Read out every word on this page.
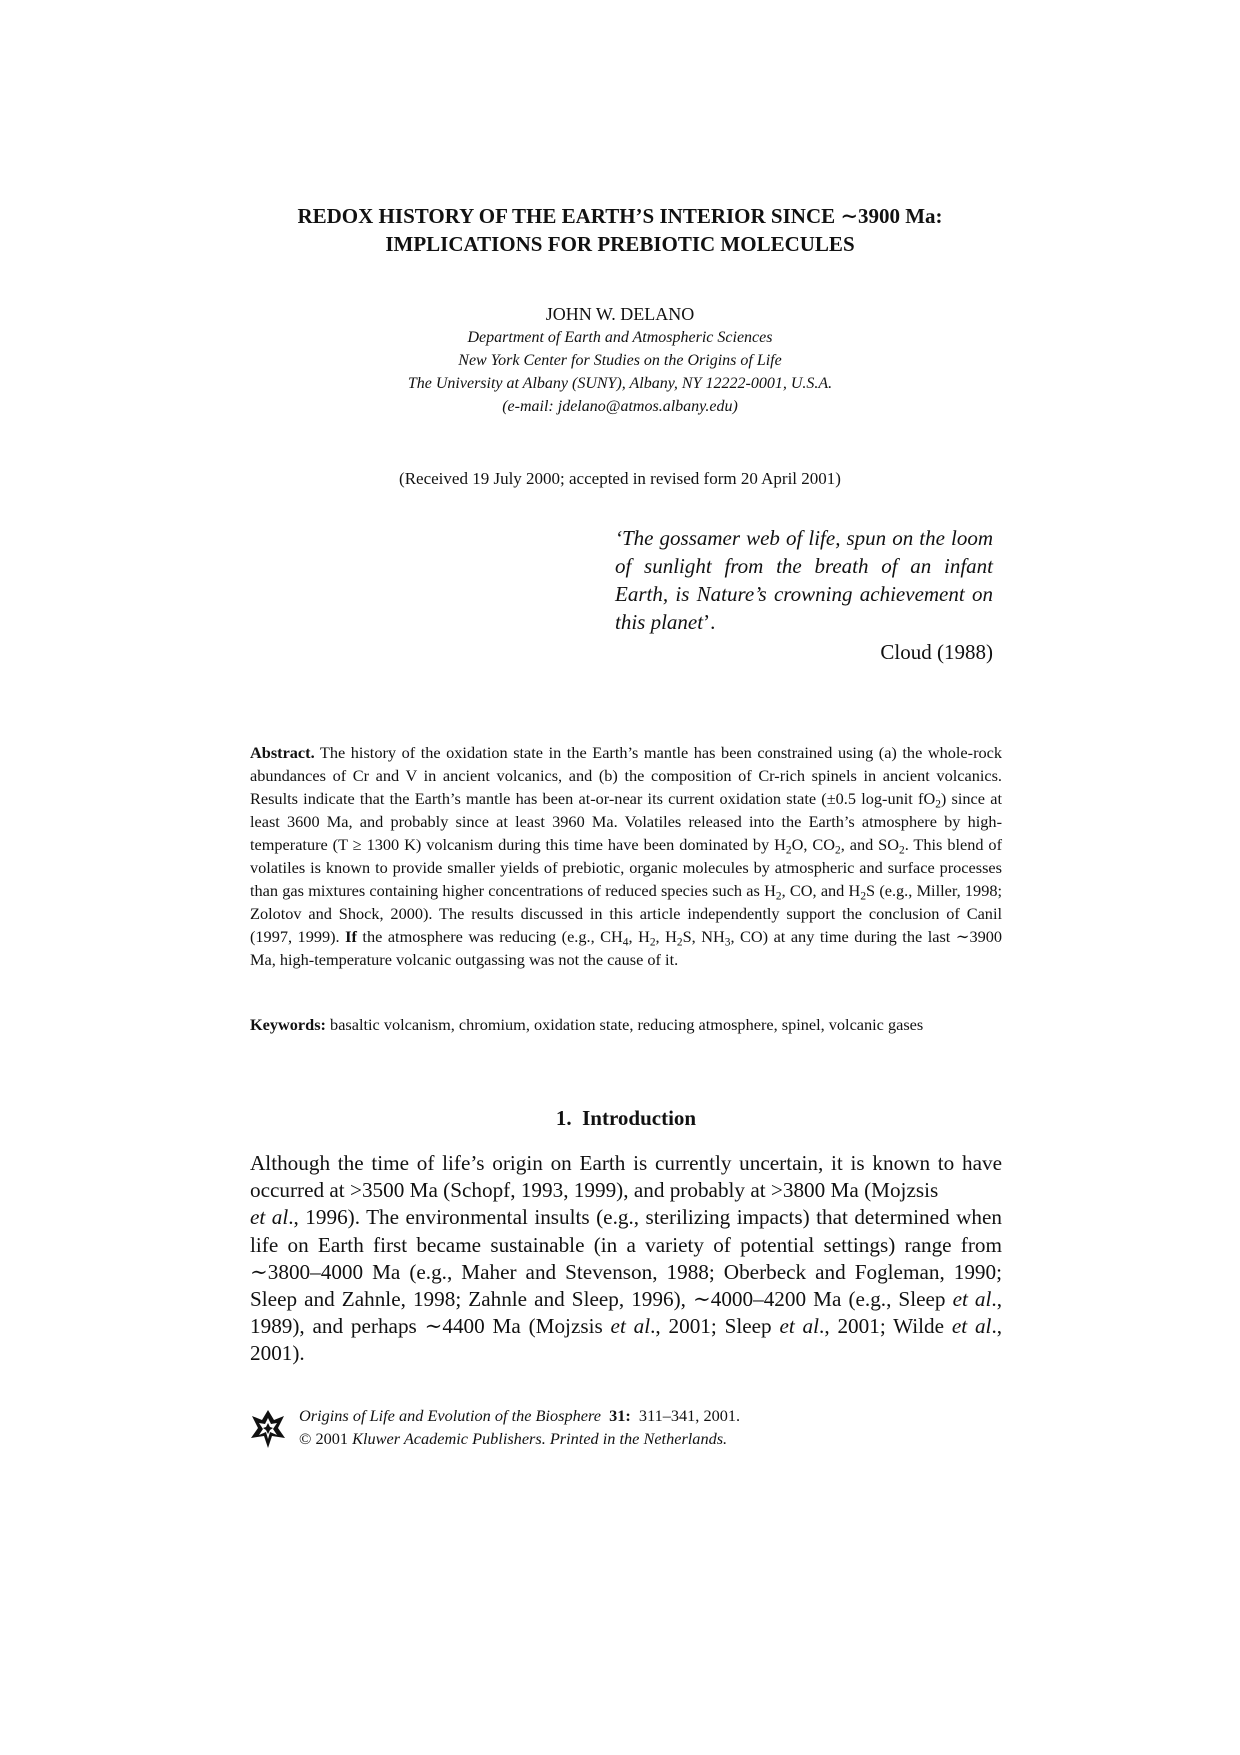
REDOX HISTORY OF THE EARTH’S INTERIOR SINCE ∼3900 Ma:
IMPLICATIONS FOR PREBIOTIC MOLECULES
JOHN W. DELANO
Department of Earth and Atmospheric Sciences
New York Center for Studies on the Origins of Life
The University at Albany (SUNY), Albany, NY 12222-0001, U.S.A.
(e-mail: jdelano@atmos.albany.edu)
(Received 19 July 2000; accepted in revised form 20 April 2001)
‘The gossamer web of life, spun on the loom of sunlight from the breath of an infant Earth, is Nature’s crowning achievement on this planet’.
Cloud (1988)
Abstract. The history of the oxidation state in the Earth’s mantle has been constrained using (a) the whole-rock abundances of Cr and V in ancient volcanics, and (b) the composition of Cr-rich spinels in ancient volcanics. Results indicate that the Earth’s mantle has been at-or-near its current oxidation state (±0.5 log-unit $fO_2$) since at least 3600 Ma, and probably since at least 3960 Ma. Volatiles released into the Earth’s atmosphere by high-temperature (T ≥ 1300 K) volcanism during this time have been dominated by $H_2O$, $CO_2$, and $SO_2$. This blend of volatiles is known to provide smaller yields of prebiotic, organic molecules by atmospheric and surface processes than gas mixtures containing higher concentrations of reduced species such as $H_2$, CO, and $H_2S$ (e.g., Miller, 1998; Zolotov and Shock, 2000). The results discussed in this article independently support the conclusion of Canil (1997, 1999). If the atmosphere was reducing (e.g., $CH_4$, $H_2$, $H_2S$, $NH_3$, CO) at any time during the last ∼3900 Ma, high-temperature volcanic outgassing was not the cause of it.
Keywords: basaltic volcanism, chromium, oxidation state, reducing atmosphere, spinel, volcanic gases
1. Introduction
Although the time of life’s origin on Earth is currently uncertain, it is known to have occurred at >3500 Ma (Schopf, 1993, 1999), and probably at >3800 Ma (Mojzsis
et al., 1996). The environmental insults (e.g., sterilizing impacts) that determined when life on Earth first became sustainable (in a variety of potential settings) range from ∼3800–4000 Ma (e.g., Maher and Stevenson, 1988; Oberbeck and Fogleman, 1990; Sleep and Zahnle, 1998; Zahnle and Sleep, 1996), ∼4000–4200 Ma (e.g., Sleep et al., 1989), and perhaps ∼4400 Ma (Mojzsis et al., 2001; Sleep et al., 2001; Wilde et al., 2001).
Origins of Life and Evolution of the Biosphere 31: 311–341, 2001.
© 2001 Kluwer Academic Publishers. Printed in the Netherlands.
